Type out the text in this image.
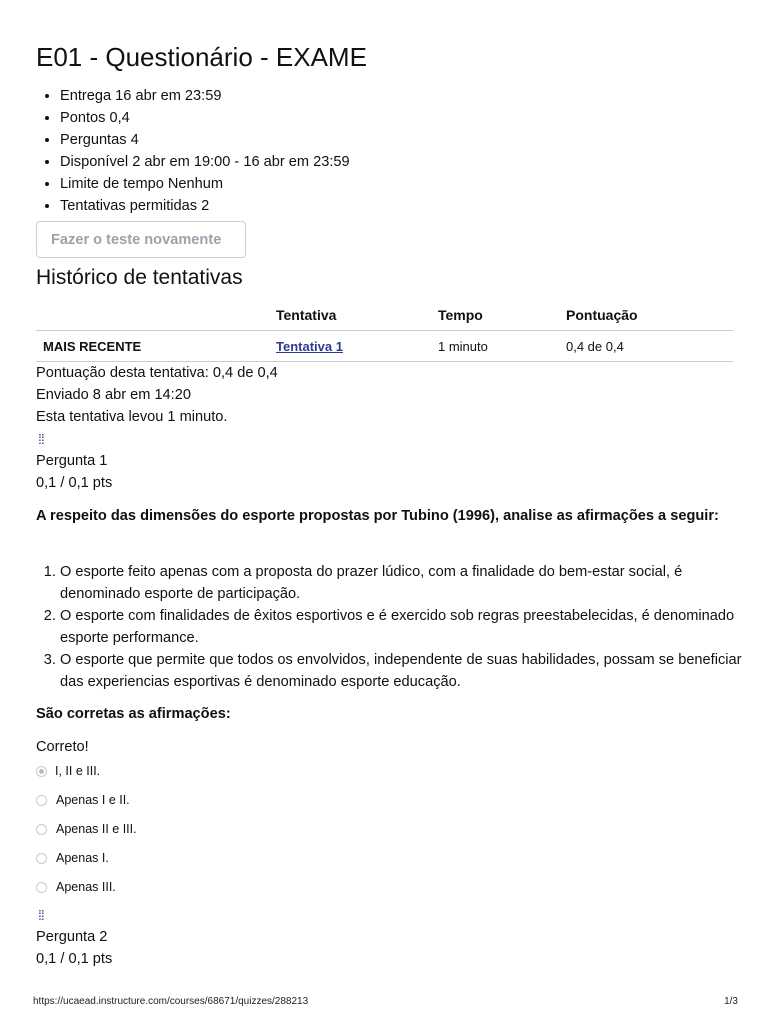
E01 - Questionário - EXAME
• Entrega 16 abr em 23:59
• Pontos 0,4
• Perguntas 4
• Disponível 2 abr em 19:00 - 16 abr em 23:59
• Limite de tempo Nenhum
• Tentativas permitidas 2
Fazer o teste novamente
Histórico de tentativas
	Tentativa	Tempo	Pontuação
MAIS RECENTE	Tentativa 1	1 minuto	0,4 de 0,4
Pontuação desta tentativa: 0,4 de 0,4
Enviado 8 abr em 14:20
Esta tentativa levou 1 minuto.
⁞⁞
Pergunta 1
0,1 / 0,1 pts

A respeito das dimensões do esporte propostas por Tubino (1996), analise as afirmações a seguir:

1. O esporte feito apenas com a proposta do prazer lúdico, com a finalidade do bem-estar social, é denominado esporte de participação.
2. O esporte com finalidades de êxitos esportivos e é exercido sob regras preestabelecidas, é denominado esporte performance.
3. O esporte que permite que todos os envolvidos, independente de suas habilidades, possam se beneficiar das experiencias esportivas é denominado esporte educação.

São corretas as afirmações:

Correto!
I, II e III.
Apenas I e II.
Apenas II e III.
Apenas I.
Apenas III.
⁞⁞
Pergunta 2
0,1 / 0,1 pts
https://ucaead.instructure.com/courses/68671/quizzes/288213	1/3
